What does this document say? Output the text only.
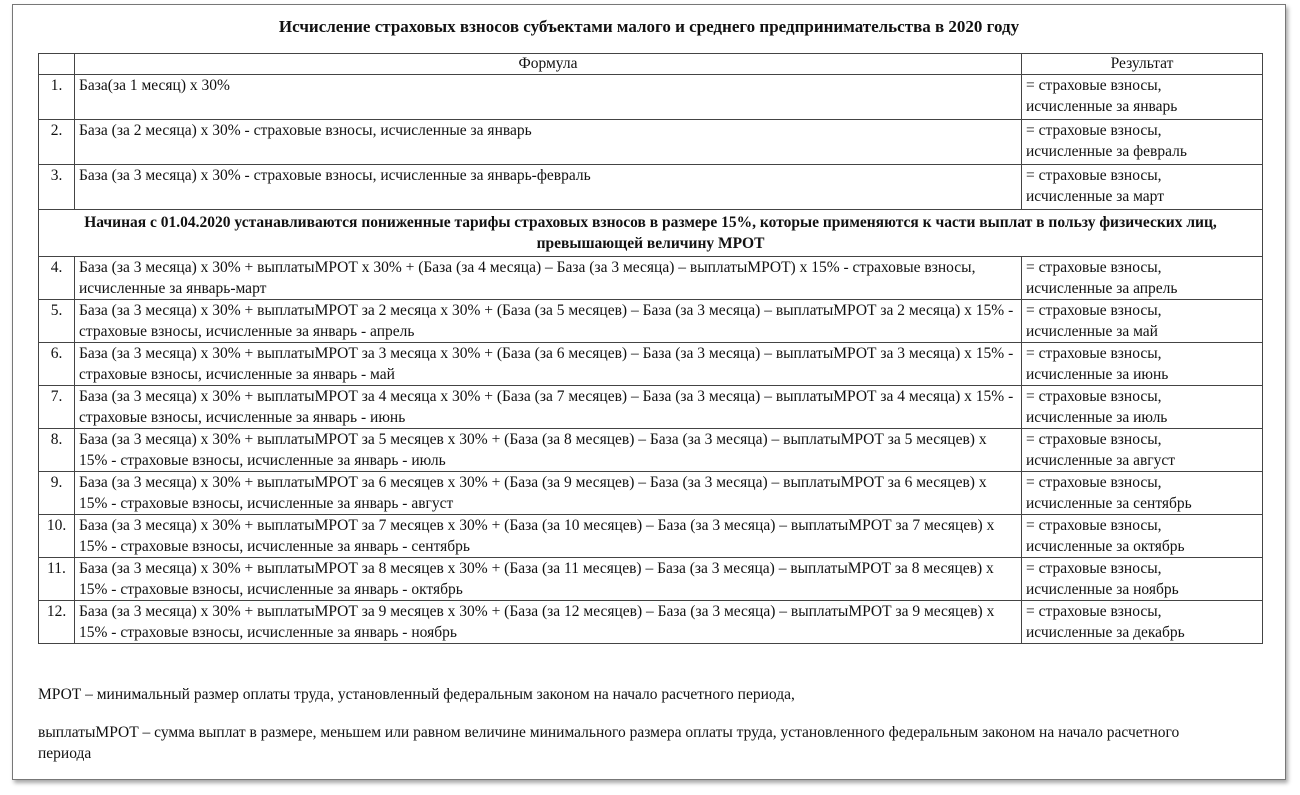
Исчисление страховых взносов субъектами малого и среднего предпринимательства в 2020 году
	Формула	Результат
1.	База(за 1 месяц) х 30%	= страховые взносы,
исчисленные за январь

2.	База (за 2 месяца) х 30% - страховые взносы, исчисленные за январь	= страховые взносы,
исчисленные за февраль

3.	База (за 3 месяца) х 30% - страховые взносы, исчисленные за январь-февраль	= страховые взносы,
исчисленные за март

Начиная с 01.04.2020 устанавливаются пониженные тарифы страховых взносов в размере 15%, которые применяются к части выплат в пользу физических лиц, превышающей величину МРОТ		
4.	База (за 3 месяца) х 30% + выплатыМРОТ х 30% + (База (за 4 месяца) – База (за 3 месяца) – выплатыМРОТ) х 15% - страховые взносы, исчисленные за январь-март	= страховые взносы,
исчисленные за апрель

5.	База (за 3 месяца) х 30% + выплатыМРОТ за 2 месяца х 30% + (База (за 5 месяцев) – База (за 3 месяца) – выплатыМРОТ за 2 месяца) х 15% - страховые взносы, исчисленные за январь - апрель	= страховые взносы,
исчисленные за май

6.	База (за 3 месяца) х 30% + выплатыМРОТ за 3 месяца х 30% + (База (за 6 месяцев) – База (за 3 месяца) – выплатыМРОТ за 3 месяца) х 15% - страховые взносы, исчисленные за январь - май	= страховые взносы,
исчисленные за июнь

7.	База (за 3 месяца) х 30% + выплатыМРОТ за 4 месяца х 30% + (База (за 7 месяцев) – База (за 3 месяца) – выплатыМРОТ за 4 месяца) х 15% - страховые взносы, исчисленные за январь - июнь	= страховые взносы,
исчисленные за июль

8.	База (за 3 месяца) х 30% + выплатыМРОТ за 5 месяцев х 30% + (База (за 8 месяцев) – База (за 3 месяца) – выплатыМРОТ за 5 месяцев) х 15% - страховые взносы, исчисленные за январь - июль	= страховые взносы,
исчисленные за август

9.	База (за 3 месяца) х 30% + выплатыМРОТ за 6 месяцев х 30% + (База (за 9 месяцев) – База (за 3 месяца) – выплатыМРОТ за 6 месяцев) х 15% - страховые взносы, исчисленные за январь - август	= страховые взносы,
исчисленные за сентябрь

10.	База (за 3 месяца) х 30% + выплатыМРОТ за 7 месяцев х 30% + (База (за 10 месяцев) – База (за 3 месяца) – выплатыМРОТ за 7 месяцев) х 15% - страховые взносы, исчисленные за январь - сентябрь	= страховые взносы,
исчисленные за октябрь

11.	База (за 3 месяца) х 30% + выплатыМРОТ за 8 месяцев х 30% + (База (за 11 месяцев) – База (за 3 месяца) – выплатыМРОТ за 8 месяцев) х 15% - страховые взносы, исчисленные за январь - октябрь	= страховые взносы,
исчисленные за ноябрь

12.	База (за 3 месяца) х 30% + выплатыМРОТ за 9 месяцев х 30% + (База (за 12 месяцев) – База (за 3 месяца) – выплатыМРОТ за 9 месяцев) х 15% - страховые взносы, исчисленные за январь - ноябрь	= страховые взносы,
исчисленные за декабрь
МРОТ – минимальный размер оплаты труда, установленный федеральным законом на начало расчетного периода,
выплатыМРОТ – сумма выплат в размере, меньшем или равном величине минимального размера оплаты труда, установленного федеральным законом на начало расчетного периода
